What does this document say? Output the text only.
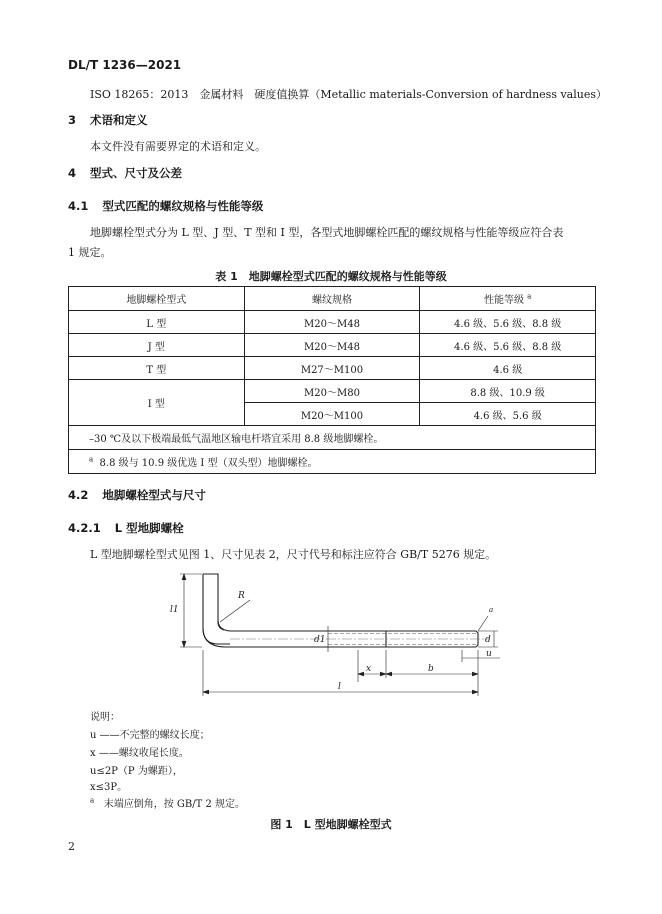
DL/T 1236—2021
ISO 18265：2013　金属材料　硬度值换算（Metallic materials-Conversion of hardness values）
3 术语和定义
本文件没有需要界定的术语和定义。
4 型式、尺寸及公差
4.1 型式匹配的螺纹规格与性能等级
地脚螺栓型式分为 L 型、J 型、T 型和 I 型，各型式地脚螺栓匹配的螺纹规格与性能等级应符合表
1 规定。
表 1　地脚螺栓型式匹配的螺纹规格与性能等级
地脚螺栓型式	螺纹规格	性能等级 $^a$
L 型	M20～M48	4.6 级、5.6 级、8.8 级
J 型	M20～M48	4.6 级、5.6 级、8.8 级
T 型	M27～M100	4.6 级
I 型	M20～M80	8.8 级、10.9 级
	M20～M100	4.6 级、5.6 级
–30 ℃及以下极端最低气温地区输电杆塔宜采用 8.8 级地脚螺栓。		
$^a$ 8.8 级与 10.9 级优选 I 型（双头型）地脚螺栓。		
4.2 地脚螺栓型式与尺寸
4.2.1 L 型地脚螺栓
L 型地脚螺栓型式见图 1、尺寸见表 2，尺寸代号和标注应符合 GB/T 5276 规定。
l1
R
d1	d
a
u
x	b
l
说明：
u ——不完整的螺纹长度；
x ——螺纹收尾长度。
u≤2P（P 为螺距），
x≤3P。
$^a$ 末端应倒角，按 GB/T 2 规定。
图 1　L 型地脚螺栓型式
2
